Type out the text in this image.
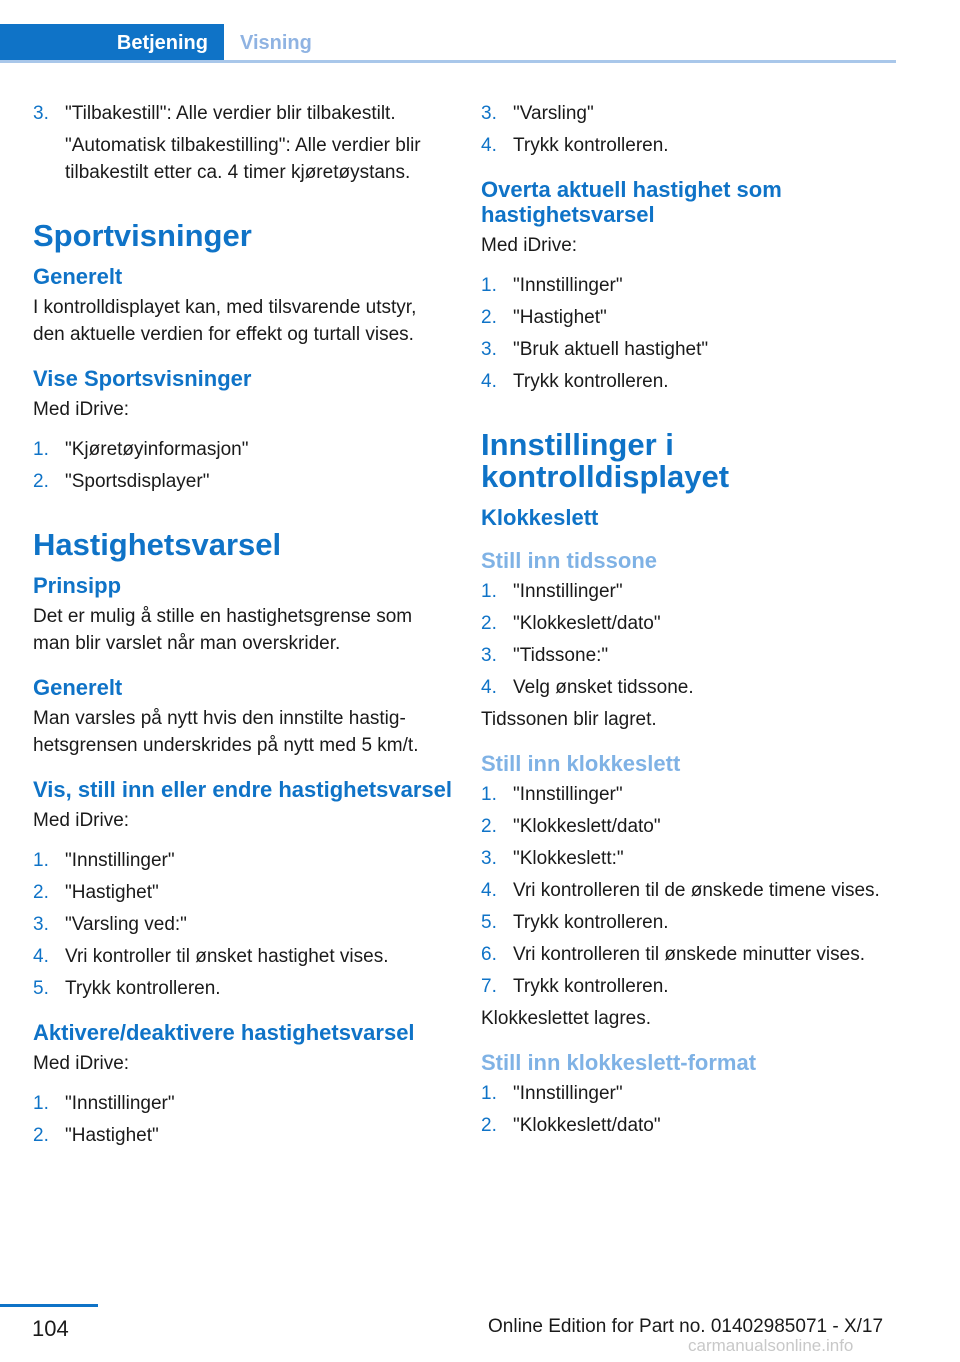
Betjening	Visning
3. "Tilbakestill": Alle verdier blir tilbakestilt.
"Automatisk tilbakestilling": Alle verdier blir tilbakestilt etter ca. 4 timer kjøretøystans.
Sportvisninger
Generelt
I kontrolldisplayet kan, med tilsvarende utstyr, den aktuelle verdien for effekt og turtall vises.
Vise Sportsvisninger
Med iDrive:
1. "Kjøretøyinformasjon"
2. "Sportsdisplayer"
Hastighetsvarsel
Prinsipp
Det er mulig å stille en hastighetsgrense som man blir varslet når man overskrider.
Generelt
Man varsles på nytt hvis den innstilte hastighetsgrensen underskrides på nytt med 5 km/t.
Vis, still inn eller endre hastighetsvarsel
Med iDrive:
1. "Innstillinger"
2. "Hastighet"
3. "Varsling ved:"
4. Vri kontroller til ønsket hastighet vises.
5. Trykk kontrolleren.
Aktivere/deaktivere hastighetsvarsel
Med iDrive:
1. "Innstillinger"
2. "Hastighet"
3. "Varsling"
4. Trykk kontrolleren.
Overta aktuell hastighet som hastighetsvarsel
Med iDrive:
1. "Innstillinger"
2. "Hastighet"
3. "Bruk aktuell hastighet"
4. Trykk kontrolleren.
Innstillinger i kontrolldisplayet
Klokkeslett
Still inn tidssone
1. "Innstillinger"
2. "Klokkeslett/dato"
3. "Tidssone:"
4. Velg ønsket tidssone.
Tidssonen blir lagret.
Still inn klokkeslett
1. "Innstillinger"
2. "Klokkeslett/dato"
3. "Klokkeslett:"
4. Vri kontrolleren til de ønskede timene vises.
5. Trykk kontrolleren.
6. Vri kontrolleren til ønskede minutter vises.
7. Trykk kontrolleren.
Klokkeslettet lagres.
Still inn klokkeslett-format
1. "Innstillinger"
2. "Klokkeslett/dato"
104	Online Edition for Part no. 01402985071 - X/17
carmanualsonline.info
